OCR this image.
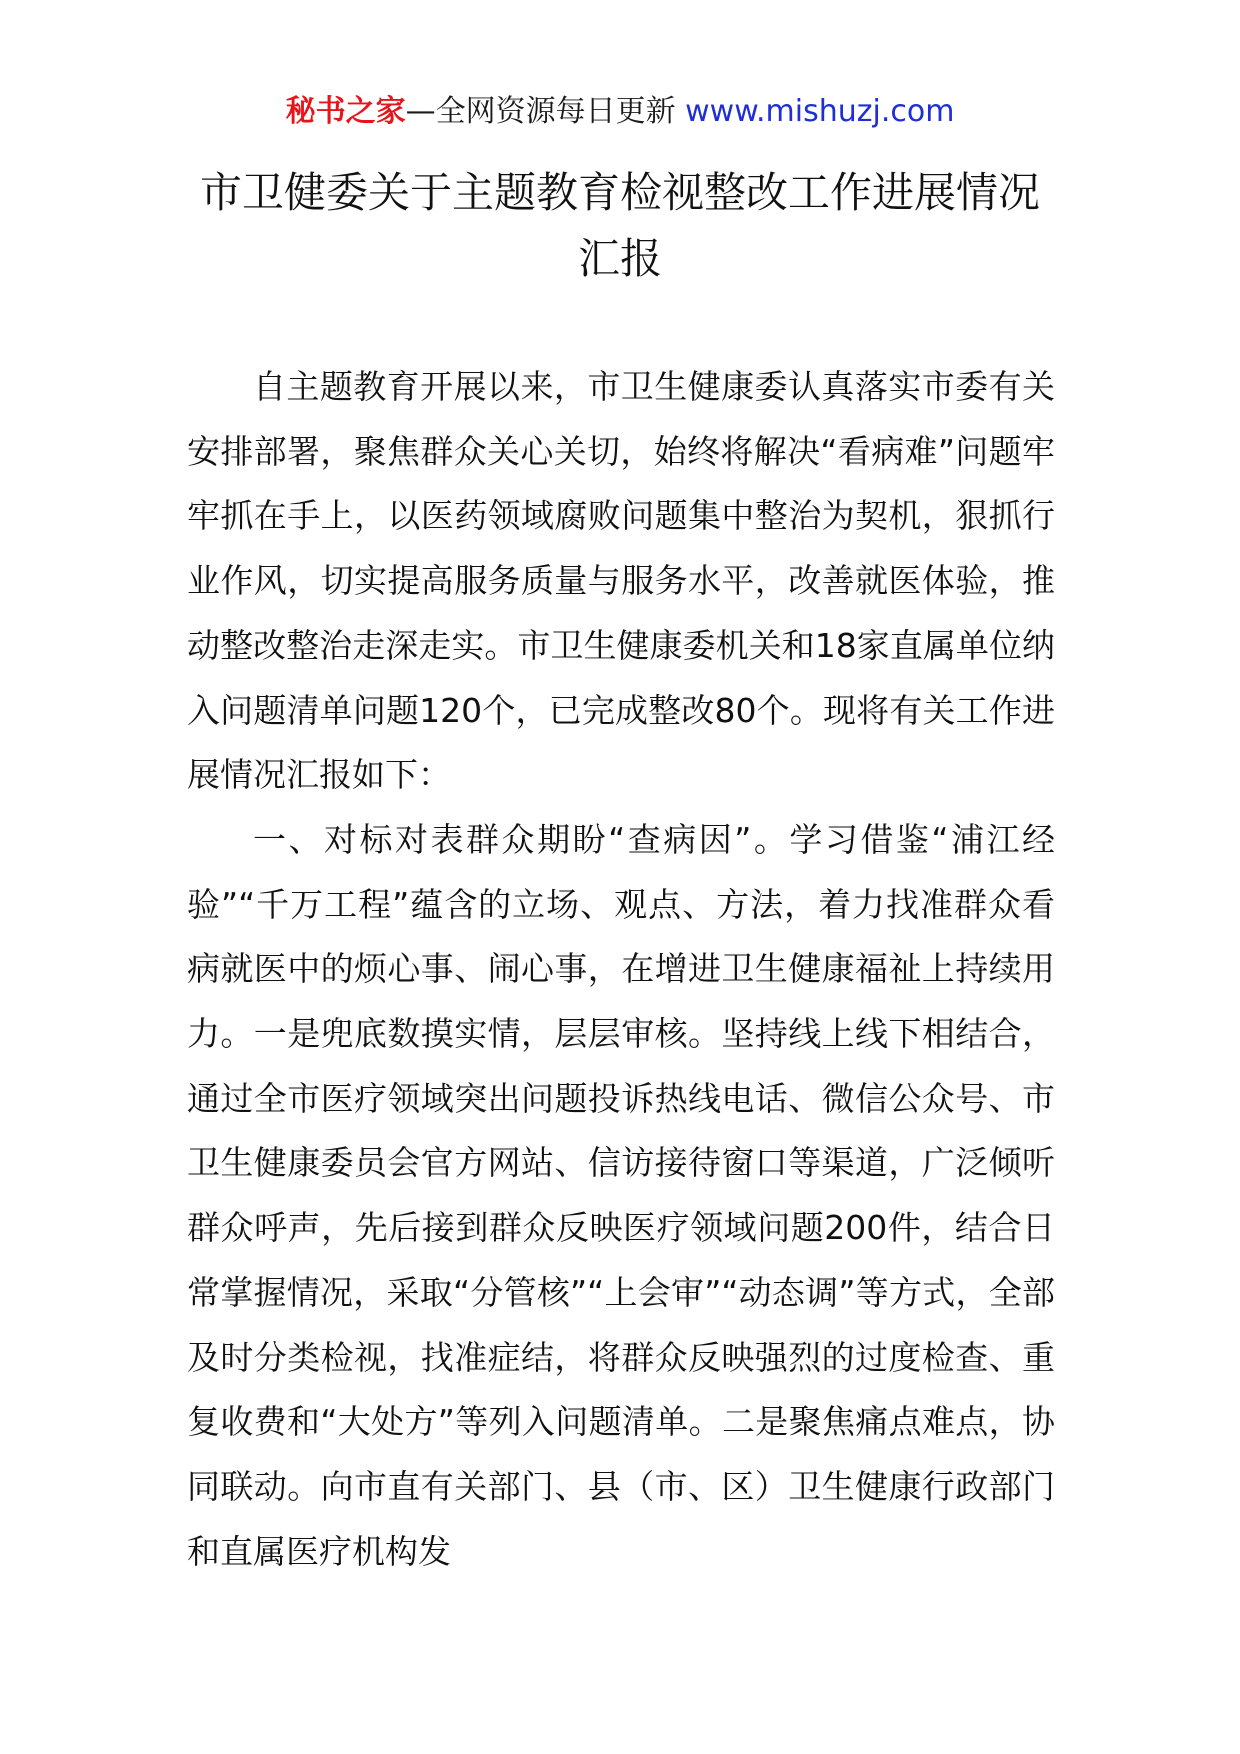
秘书之家—全网资源每日更新 www.mishuzj.com
市卫健委关于主题教育检视整改工作进展情况汇报

自主题教育开展以来，市卫生健康委认真落实市委有关安排部署，聚焦群众关心关切，始终将解决“看病难”问题牢牢抓在手上，以医药领域腐败问题集中整治为契机，狠抓行业作风，切实提高服务质量与服务水平，改善就医体验，推动整改整治走深走实。市卫生健康委机关和18家直属单位纳入问题清单问题120个，已完成整改80个。现将有关工作进展情况汇报如下：

一、对标对表群众期盼“查病因”。学习借鉴“浦江经验”“千万工程”蕴含的立场、观点、方法，着力找准群众看病就医中的烦心事、闹心事，在增进卫生健康福祉上持续用力。一是兜底数摸实情，层层审核。坚持线上线下相结合，通过全市医疗领域突出问题投诉热线电话、微信公众号、市卫生健康委员会官方网站、信访接待窗口等渠道，广泛倾听群众呼声，先后接到群众反映医疗领域问题200件，结合日常掌握情况，采取“分管核”“上会审”“动态调”等方式，全部及时分类检视，找准症结，将群众反映强烈的过度检查、重复收费和“大处方”等列入问题清单。二是聚焦痛点难点，协同联动。向市直有关部门、县（市、区）卫生健康行政部门和直属医疗机构发
